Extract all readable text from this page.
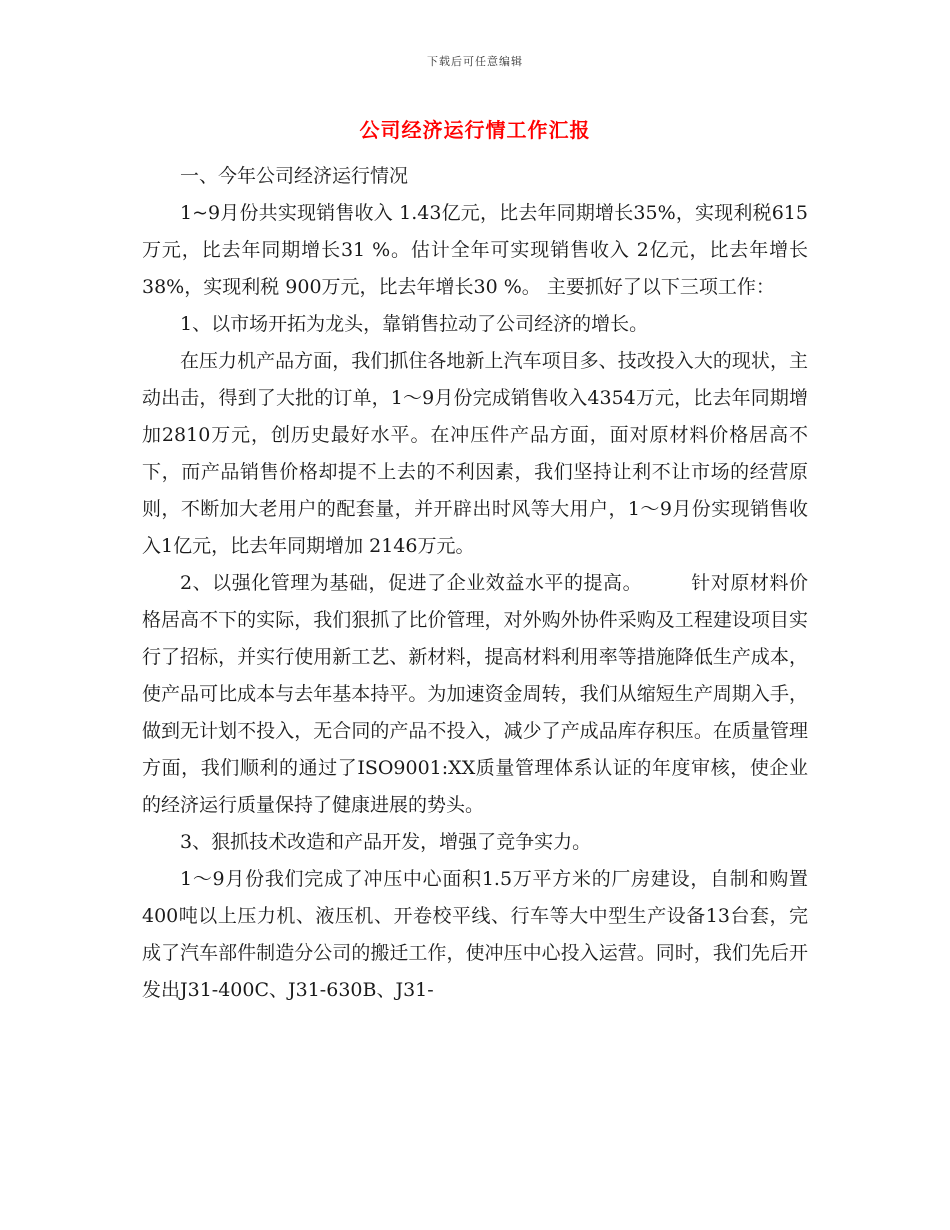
下载后可任意编辑
公司经济运行情工作汇报

一、今年公司经济运行情况

1~9月份共实现销售收入 1.43亿元，比去年同期增长35%，实现利税615 万元，比去年同期增长31 %。估计全年可实现销售收入 2亿元，比去年增长 38%，实现利税 900万元，比去年增长30 %。 主要抓好了以下三项工作：

1、以市场开拓为龙头，靠销售拉动了公司经济的增长。

在压力机产品方面，我们抓住各地新上汽车项目多、技改投入大的现状，主动出击，得到了大批的订单，1～9月份完成销售收入4354万元，比去年同期增加2810万元，创历史最好水平。在冲压件产品方面，面对原材料价格居高不下，而产品销售价格却提不上去的不利因素，我们坚持让利不让市场的经营原则，不断加大老用户的配套量，并开辟出时风等大用户，1～9月份实现销售收入1亿元，比去年同期增加 2146万元。

2、以强化管理为基础，促进了企业效益水平的提高。　　　针对原材料价格居高不下的实际，我们狠抓了比价管理，对外购外协件采购及工程建设项目实行了招标，并实行使用新工艺、新材料，提高材料利用率等措施降低生产成本，使产品可比成本与去年基本持平。为加速资金周转，我们从缩短生产周期入手，做到无计划不投入，无合同的产品不投入，减少了产成品库存积压。在质量管理方面，我们顺利的通过了ISO9001:XX质量管理体系认证的年度审核，使企业的经济运行质量保持了健康进展的势头。

3、狠抓技术改造和产品开发，增强了竞争实力。

1～9月份我们完成了冲压中心面积1.5万平方米的厂房建设，自制和购置400吨以上压力机、液压机、开卷校平线、行车等大中型生产设备13台套，完成了汽车部件制造分公司的搬迁工作，使冲压中心投入运营。同时，我们先后开发出J31-400C、J31-630B、J31-
